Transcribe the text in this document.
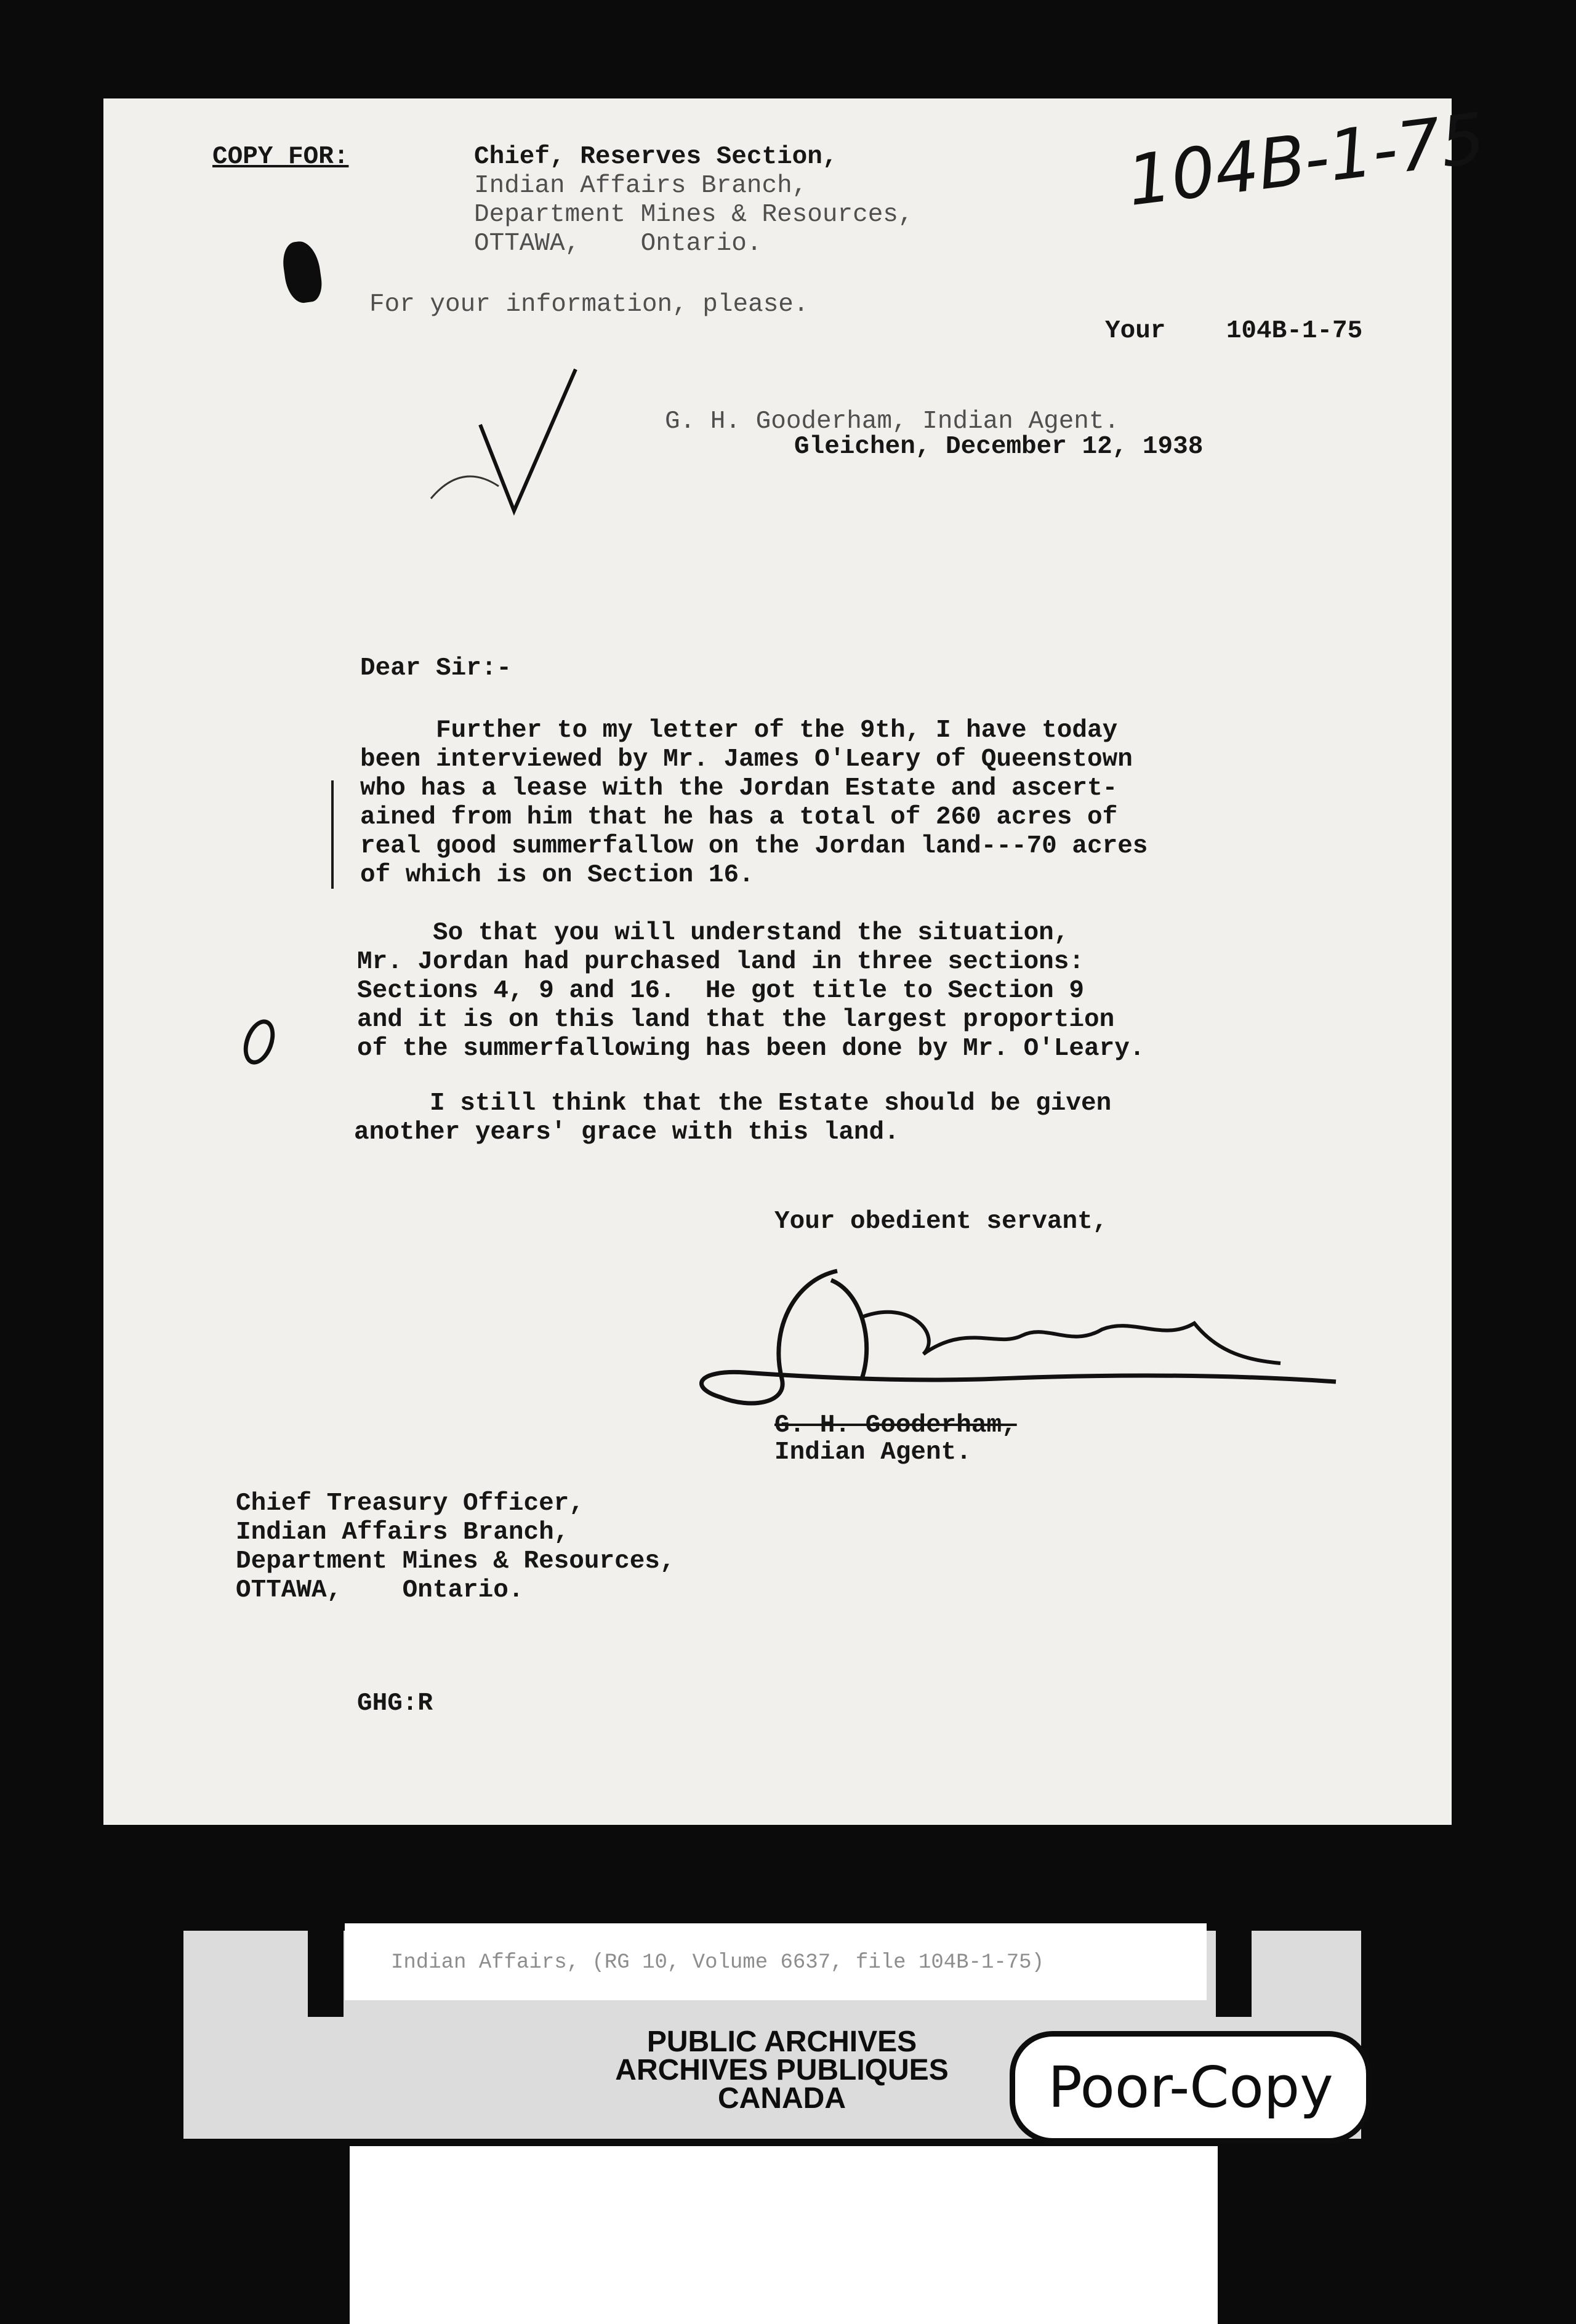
104B-1-75
COPY FOR:	Chief, Reserves Section,
Indian Affairs Branch,
Department Mines & Resources,
OTTAWA,    Ontario.
For your information, please.
Your    104B-1-75
G. H. Gooderham, Indian Agent.
Gleichen, December 12, 1938
Dear Sir:-
Further to my letter of the 9th, I have today
been interviewed by Mr. James O'Leary of Queenstown
who has a lease with the Jordan Estate and ascert-
ained from him that he has a total of 260 acres of
real good summerfallow on the Jordan land---70 acres
of which is on Section 16.
So that you will understand the situation,
Mr. Jordan had purchased land in three sections:
Sections 4, 9 and 16.  He got title to Section 9
and it is on this land that the largest proportion
of the summerfallowing has been done by Mr. O'Leary.
I still think that the Estate should be given
another years' grace with this land.
Your obedient servant,
G. H. Gooderham,
Indian Agent.
Chief Treasury Officer,
Indian Affairs Branch,
Department Mines & Resources,
OTTAWA,    Ontario.
GHG:R
Indian Affairs, (RG 10, Volume 6637, file 104B-1-75)
PUBLIC ARCHIVES
ARCHIVES PUBLIQUES
CANADA	Poor-Copy
